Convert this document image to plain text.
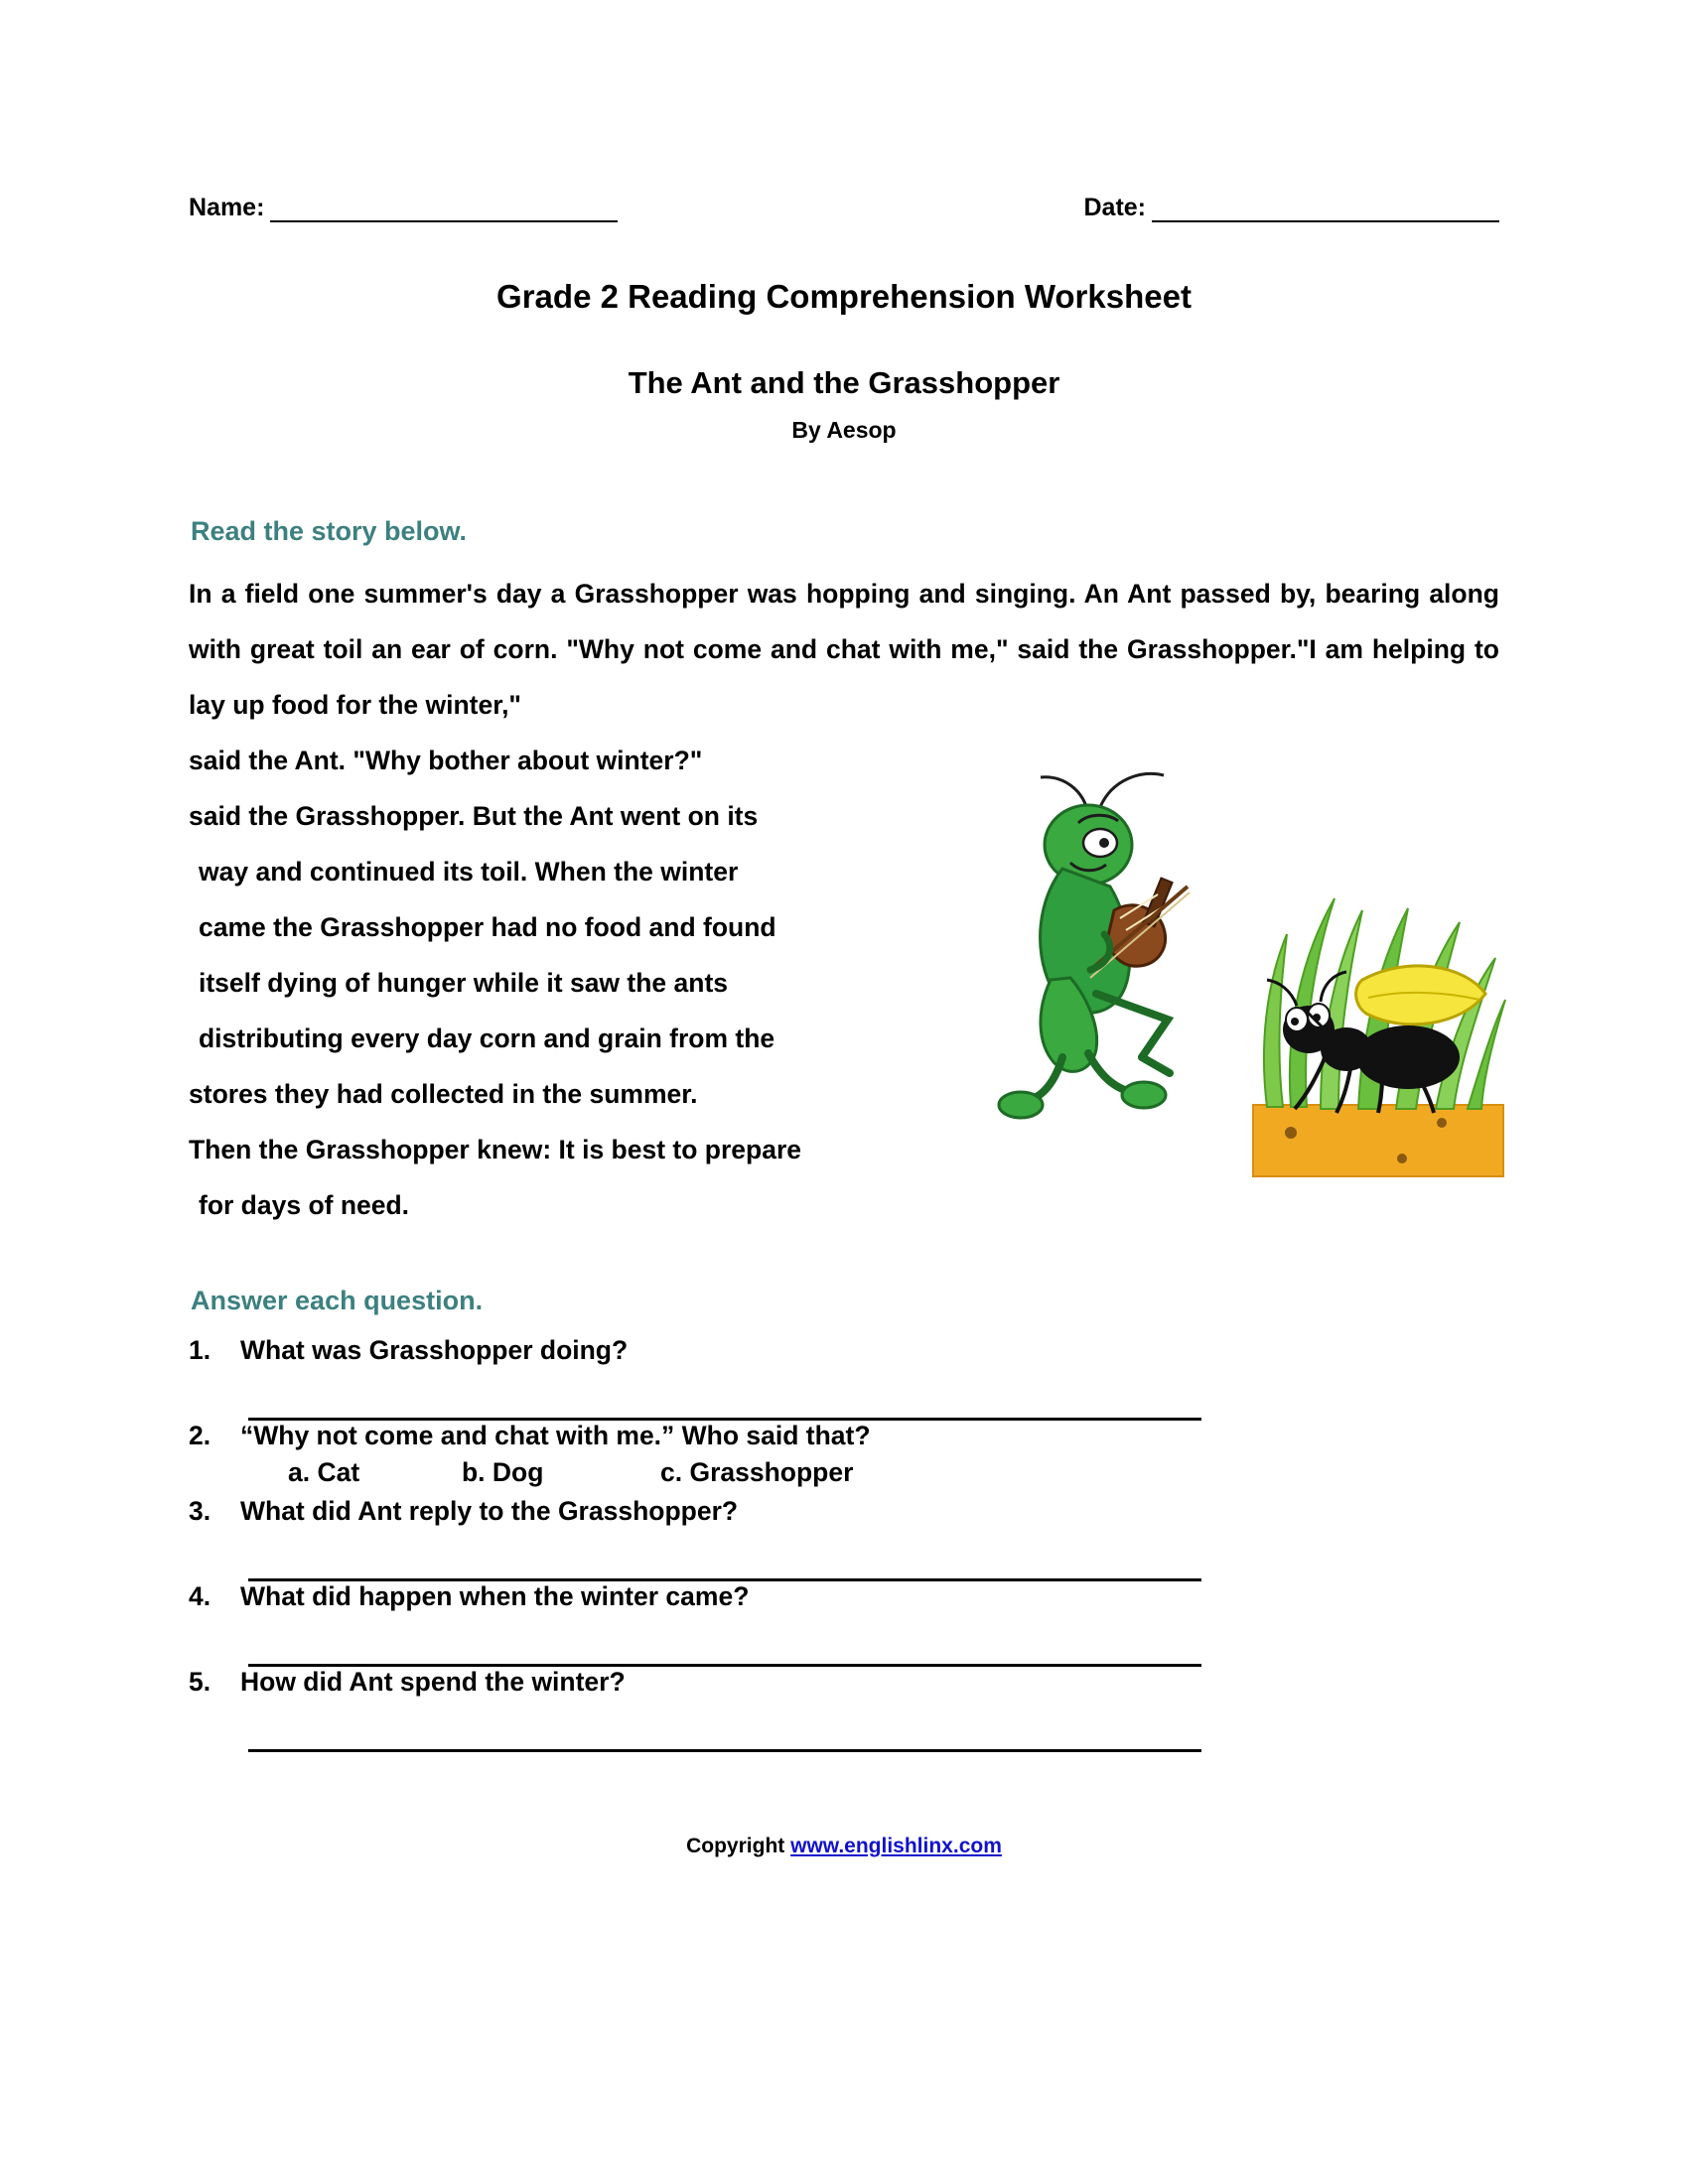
Name:	Date:
Grade 2 Reading Comprehension Worksheet
The Ant and the Grasshopper
By Aesop
Read the story below.

In a field one summer's day a Grasshopper was hopping and singing. An Ant passed by, bearing along with great toil an ear of corn. "Why not come and chat with me," said the Grasshopper."I am helping to lay up food for the winter,"

said the Ant. "Why bother about winter?"

said the Grasshopper. But the Ant went on its

way and continued its toil. When the winter

came the Grasshopper had no food and found

itself dying of hunger while it saw the ants

distributing every day corn and grain from the

stores they had collected in the summer.

Then the Grasshopper knew: It is best to prepare

for days of need.

Answer each question.
1.	What was Grasshopper doing?
2.	“Why not come and chat with me.” Who said that?
a. Cat	b. Dog	c. Grasshopper
3.	What did Ant reply to the Grasshopper?
4.	What did happen when the winter came?
5.	How did Ant spend the winter?
Copyright www.englishlinx.com
